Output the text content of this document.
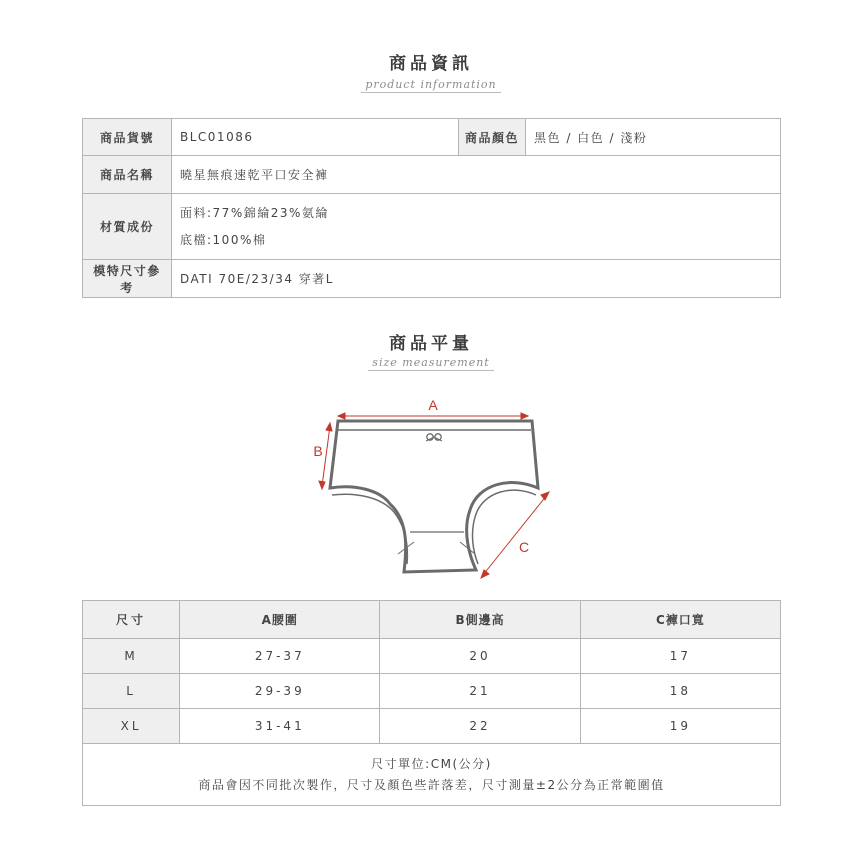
商品資訊
product information
商品貨號	BLC01086	商品顏色	黑色 / 白色 / 淺粉
商品名稱	曉星無痕速乾平口安全褲		
材質成份	面料:77%錦綸23%氨綸
底檔:100%棉		

模特尺寸參考	DATI 70E/23/34 穿著L		
商品平量
size measurement
A
B
C
尺寸	A腰圍	B側邊高	C褲口寬
M	27-37	20	17
L	29-39	21	18
XL	31-41	22	19

尺寸單位:CM(公分)
商品會因不同批次製作，尺寸及顏色些許落差，尺寸測量±2公分為正常範圍值			
